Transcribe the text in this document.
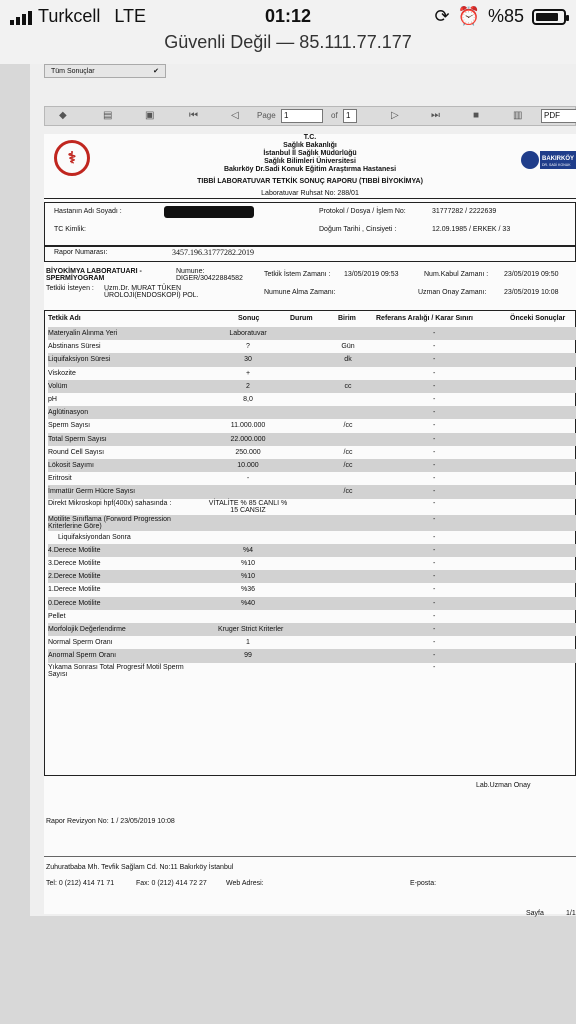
Turkcell LTE	01:12	⟳ ⏰ %85
Güvenli Değil — 85.111.77.177
Tüm Sonuçlar	✔
◆	▤	▣	⏮	◁ Page	1	of	1	▷	⏭	■	▥	PDF
⚕	BAKIRKÖY
DR. SADİ KONUK
T.C.
Sağlık Bakanlığı
İstanbul İl Sağlık Müdürlüğü
Sağlık Bilimleri Üniversitesi
Bakırköy Dr.Sadi Konuk Eğitim Araştırma Hastanesi
TIBBİ LABORATUVAR TETKİK SONUÇ RAPORU (TIBBİ BİYOKİMYA)
Laboratuvar Ruhsat No: 288/01
Hastanın Adı Soyadı :	Protokol / Dosya / İşlem No:	31777282 / 2222639
TC Kimlik:	Doğum Tarihi , Cinsiyeti :	12.09.1985 / ERKEK / 33
Rapor Numarası:	3457.196.31777282.2019
BİYOKİMYA LABORATUARI -
SPERMİYOGRAM
Numune:
DIGER/30422884582
Tetkik İstem Zamanı : 13/05/2019 09:53	Num.Kabul Zamanı : 23/05/2019 09:50
Tetkiki İsteyen : Uzm.Dr. MURAT TÜKEN
ÜROLOJİ(ENDOSKOPİ) POL.	Numune Alma Zamanı:	Uzman Onay Zamanı:	23/05/2019 10:08
Tetkik Adı	Sonuç	Durum	Birim	Referans Aralığı / Karar Sınırı	Önceki Sonuçlar
Materyalin Alınma Yeri	Laboratuvar	-
Abstinans Süresi	?	Gün	-
Liquifaksiyon Süresi	30	dk	-
Viskozite	+	-
Volüm	2	cc	-
pH	8,0	-
Aglütinasyon	-
Sperm Sayısı	11.000.000	/cc	-
Total Sperm Sayısı	22.000.000	-
Round Cell Sayısı	250.000	/cc	-
Lökosit Sayımı	10.000	/cc	-
Eritrosit	-	-
İmmatür Germ Hücre Sayısı	/cc	-
Direkt Mikroskopi hpf(400x) sahasında :	VİTALİTE % 85 CANLI %	-
15 CANSIZ
Motilite Sınıflama (Forword Progression	-
Kriterlerine Göre)
Liquifaksiyondan Sonra	-
4.Derece Motilite	%4	-
3.Derece Motilite	%10	-
2.Derece Motilite	%10	-
1.Derece Motilite	%36	-
0.Derece Motilite	%40	-
Pellet	-
Morfolojik Değerlendirme	Kruger Strict Kriterler	-
Normal Sperm Oranı	1	-
Anormal Sperm Oranı	99	-
Yıkama Sonrası Total Progresif Motil Sperm	-
Sayısı
Lab.Uzman Onay
Rapor Revizyon No: 1 / 23/05/2019 10:08
Sayfa	1/1
Zuhuratbaba Mh. Tevfik Sağlam Cd. No:11 Bakırköy İstanbul
Tel: 0 (212) 414 71 71	Fax: 0 (212) 414 72 27	Web Adresi:	E-posta:
